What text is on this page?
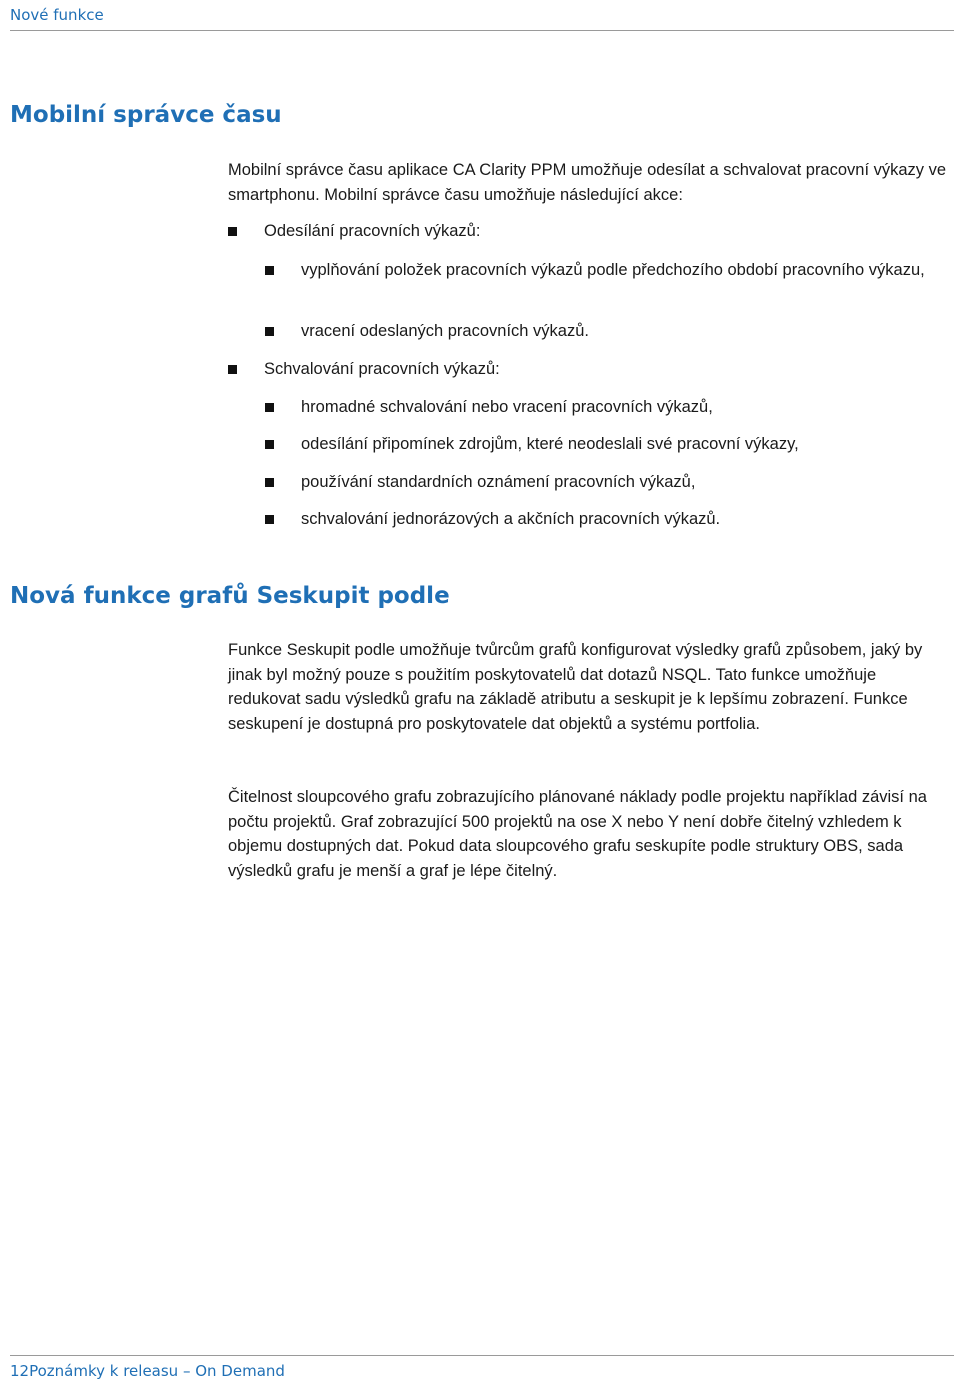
Nové funkce
Mobilní správce času

Mobilní správce času aplikace CA Clarity PPM umožňuje odesílat a schvalovat pracovní výkazy ve smartphonu. Mobilní správce času umožňuje následující akce:

Odesílání pracovních výkazů:
vyplňování položek pracovních výkazů podle předchozího období pracovního výkazu,
vracení odeslaných pracovních výkazů.
Schvalování pracovních výkazů:
hromadné schvalování nebo vracení pracovních výkazů,
odesílání připomínek zdrojům, které neodeslali své pracovní výkazy,
používání standardních oznámení pracovních výkazů,
schvalování jednorázových a akčních pracovních výkazů.
Nová funkce grafů Seskupit podle

Funkce Seskupit podle umožňuje tvůrcům grafů konfigurovat výsledky grafů způsobem, jaký by jinak byl možný pouze s použitím poskytovatelů dat dotazů NSQL. Tato funkce umožňuje redukovat sadu výsledků grafu na základě atributu a seskupit je k lepšímu zobrazení. Funkce seskupení je dostupná pro poskytovatele dat objektů a systému portfolia.

Čitelnost sloupcového grafu zobrazujícího plánované náklady podle projektu například závisí na počtu projektů. Graf zobrazující 500 projektů na ose X nebo Y není dobře čitelný vzhledem k objemu dostupných dat. Pokud data sloupcového grafu seskupíte podle struktury OBS, sada výsledků grafu je menší a graf je lépe čitelný.

12Poznámky k releasu – On Demand
